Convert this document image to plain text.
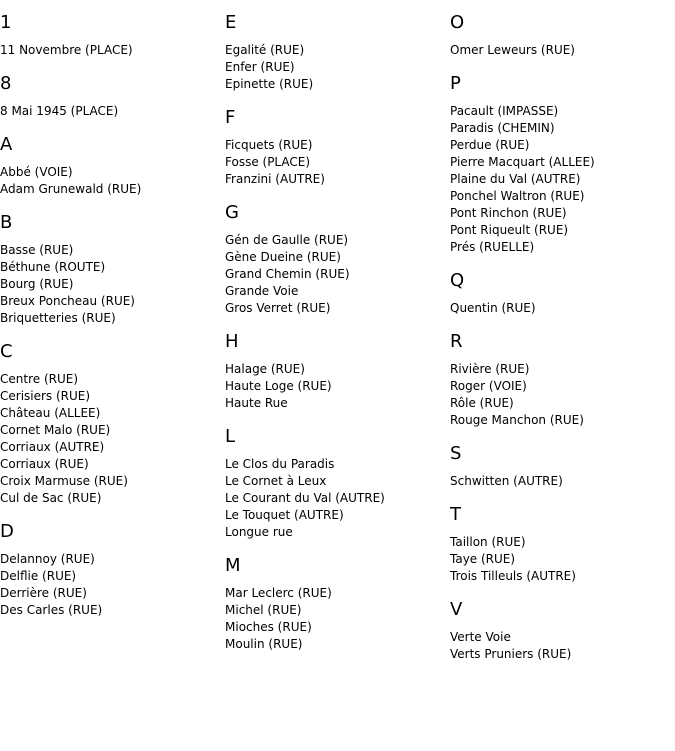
1
11 Novembre (PLACE)
8
8 Mai 1945 (PLACE)
A
Abbé (VOIE)
Adam Grunewald (RUE)
B
Basse (RUE)
Béthune (ROUTE)
Bourg (RUE)
Breux Poncheau (RUE)
Briquetteries (RUE)
C
Centre (RUE)
Cerisiers (RUE)
Château (ALLEE)
Cornet Malo (RUE)
Corriaux (AUTRE)
Corriaux (RUE)
Croix Marmuse (RUE)
Cul de Sac (RUE)
D
Delannoy (RUE)
Delflie (RUE)
Derrière (RUE)
Des Carles (RUE)
E
Egalité (RUE)
Enfer (RUE)
Epinette (RUE)
F
Ficquets (RUE)
Fosse (PLACE)
Franzini (AUTRE)
G
Gén de Gaulle (RUE)
Gène Dueine (RUE)
Grand Chemin (RUE)
Grande Voie
Gros Verret (RUE)
H
Halage (RUE)
Haute Loge (RUE)
Haute Rue
L
Le Clos du Paradis
Le Cornet à Leux
Le Courant du Val (AUTRE)
Le Touquet (AUTRE)
Longue rue
M
Mar Leclerc (RUE)
Michel (RUE)
Mioches (RUE)
Moulin (RUE)
O
Omer Leweurs (RUE)
P
Pacault (IMPASSE)
Paradis (CHEMIN)
Perdue (RUE)
Pierre Macquart (ALLEE)
Plaine du Val (AUTRE)
Ponchel Waltron (RUE)
Pont Rinchon (RUE)
Pont Riqueult (RUE)
Prés (RUELLE)
Q
Quentin (RUE)
R
Rivière (RUE)
Roger (VOIE)
Rôle (RUE)
Rouge Manchon (RUE)
S
Schwitten (AUTRE)
T
Taillon (RUE)
Taye (RUE)
Trois Tilleuls (AUTRE)
V
Verte Voie
Verts Pruniers (RUE)
